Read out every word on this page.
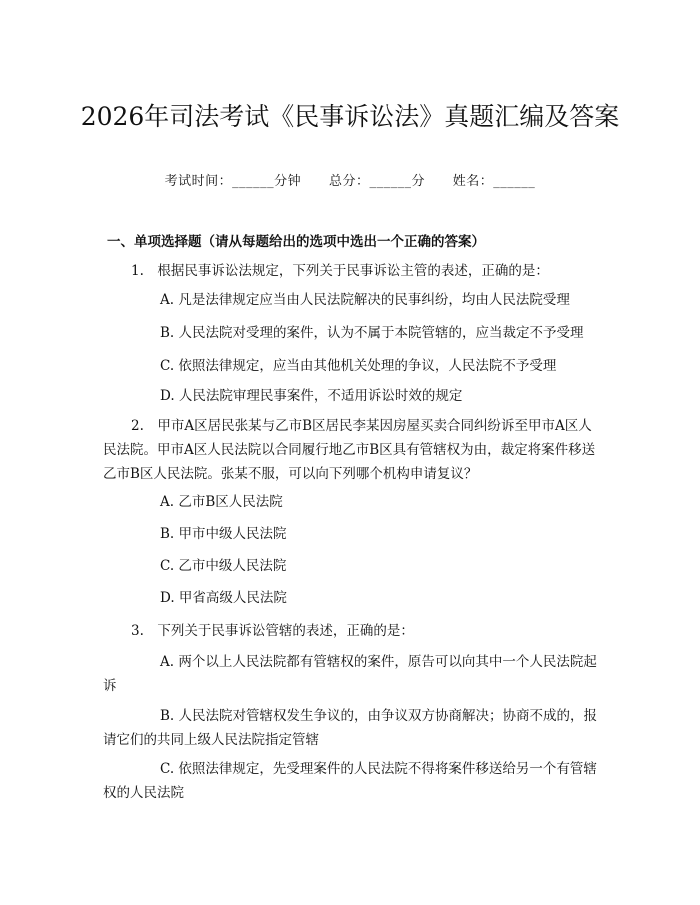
2026年司法考试《民事诉讼法》真题汇编及答案
考试时间：______分钟 总分：______分 姓名：______
一、单项选择题（请从每题给出的选项中选出一个正确的答案）
1.　根据民事诉讼法规定，下列关于民事诉讼主管的表述，正确的是：
A. 凡是法律规定应当由人民法院解决的民事纠纷，均由人民法院受理
B. 人民法院对受理的案件，认为不属于本院管辖的，应当裁定不予受理
C. 依照法律规定，应当由其他机关处理的争议，人民法院不予受理
D. 人民法院审理民事案件，不适用诉讼时效的规定
2.　甲市A区居民张某与乙市B区居民李某因房屋买卖合同纠纷诉至甲市A区人民法院。甲市A区人民法院以合同履行地乙市B区具有管辖权为由，裁定将案件移送乙市B区人民法院。张某不服，可以向下列哪个机构申请复议？
A. 乙市B区人民法院
B. 甲市中级人民法院
C. 乙市中级人民法院
D. 甲省高级人民法院
3.　下列关于民事诉讼管辖的表述，正确的是：
A. 两个以上人民法院都有管辖权的案件，原告可以向其中一个人民法院起诉
B. 人民法院对管辖权发生争议的，由争议双方协商解决；协商不成的，报请它们的共同上级人民法院指定管辖
C. 依照法律规定，先受理案件的人民法院不得将案件移送给另一个有管辖权的人民法院
